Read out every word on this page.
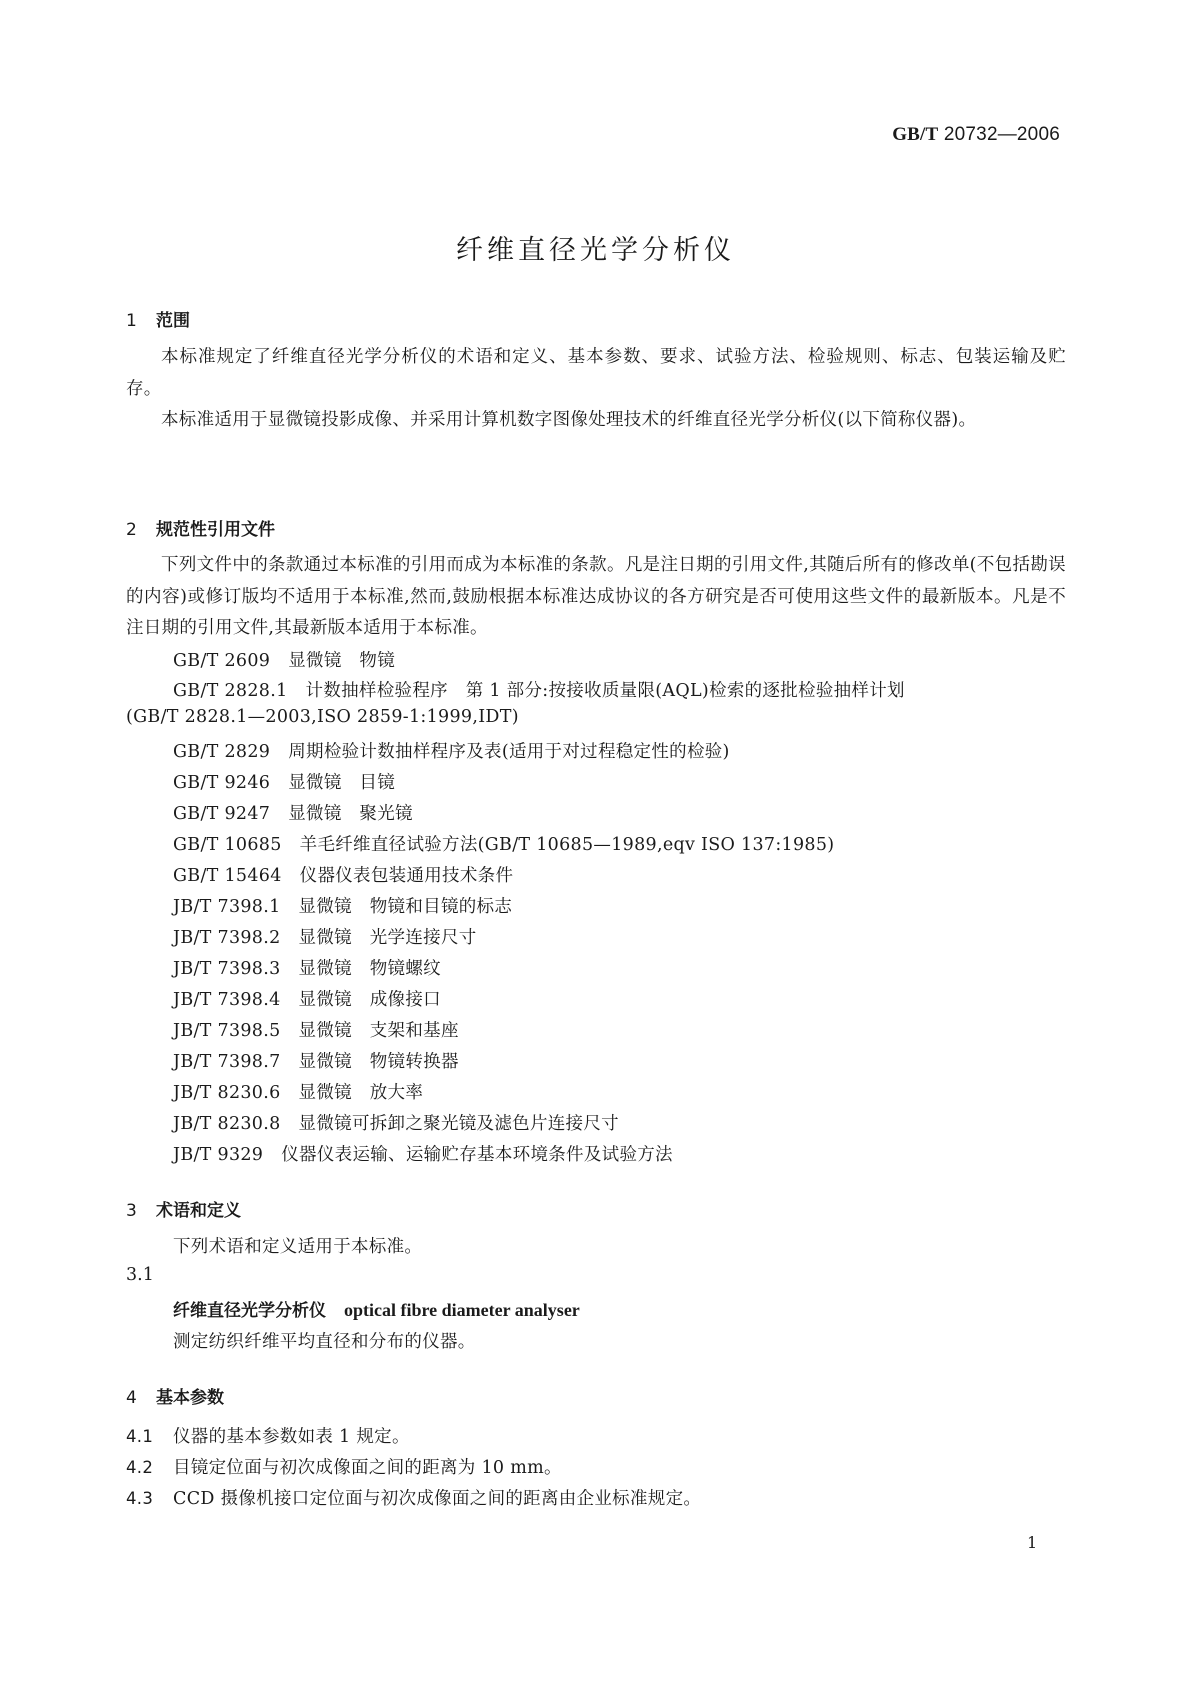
GB/T 20732—2006
纤维直径光学分析仪
1 范围
本标准规定了纤维直径光学分析仪的术语和定义、基本参数、要求、试验方法、检验规则、标志、包装运输及贮存。
本标准适用于显微镜投影成像、并采用计算机数字图像处理技术的纤维直径光学分析仪(以下简称仪器)。
2 规范性引用文件
下列文件中的条款通过本标准的引用而成为本标准的条款。凡是注日期的引用文件,其随后所有的修改单(不包括勘误的内容)或修订版均不适用于本标准,然而,鼓励根据本标准达成协议的各方研究是否可使用这些文件的最新版本。凡是不注日期的引用文件,其最新版本适用于本标准。
GB/T 2609 显微镜　物镜
GB/T 2828.1 计数抽样检验程序　第 1 部分:按接收质量限(AQL)检索的逐批检验抽样计划
(GB/T 2828.1—2003,ISO 2859-1:1999,IDT)
GB/T 2829 周期检验计数抽样程序及表(适用于对过程稳定性的检验)
GB/T 9246 显微镜　目镜
GB/T 9247 显微镜　聚光镜
GB/T 10685 羊毛纤维直径试验方法(GB/T 10685—1989,eqv ISO 137:1985)
GB/T 15464 仪器仪表包装通用技术条件
JB/T 7398.1 显微镜　物镜和目镜的标志
JB/T 7398.2 显微镜　光学连接尺寸
JB/T 7398.3 显微镜　物镜螺纹
JB/T 7398.4 显微镜　成像接口
JB/T 7398.5 显微镜　支架和基座
JB/T 7398.7 显微镜　物镜转换器
JB/T 8230.6 显微镜　放大率
JB/T 8230.8 显微镜可拆卸之聚光镜及滤色片连接尺寸
JB/T 9329 仪器仪表运输、运输贮存基本环境条件及试验方法
3 术语和定义
下列术语和定义适用于本标准。
3.1
纤维直径光学分析仪 optical fibre diameter analyser
测定纺织纤维平均直径和分布的仪器。
4 基本参数
4.1 仪器的基本参数如表 1 规定。
4.2 目镜定位面与初次成像面之间的距离为 10 mm。
4.3 CCD 摄像机接口定位面与初次成像面之间的距离由企业标准规定。
1
